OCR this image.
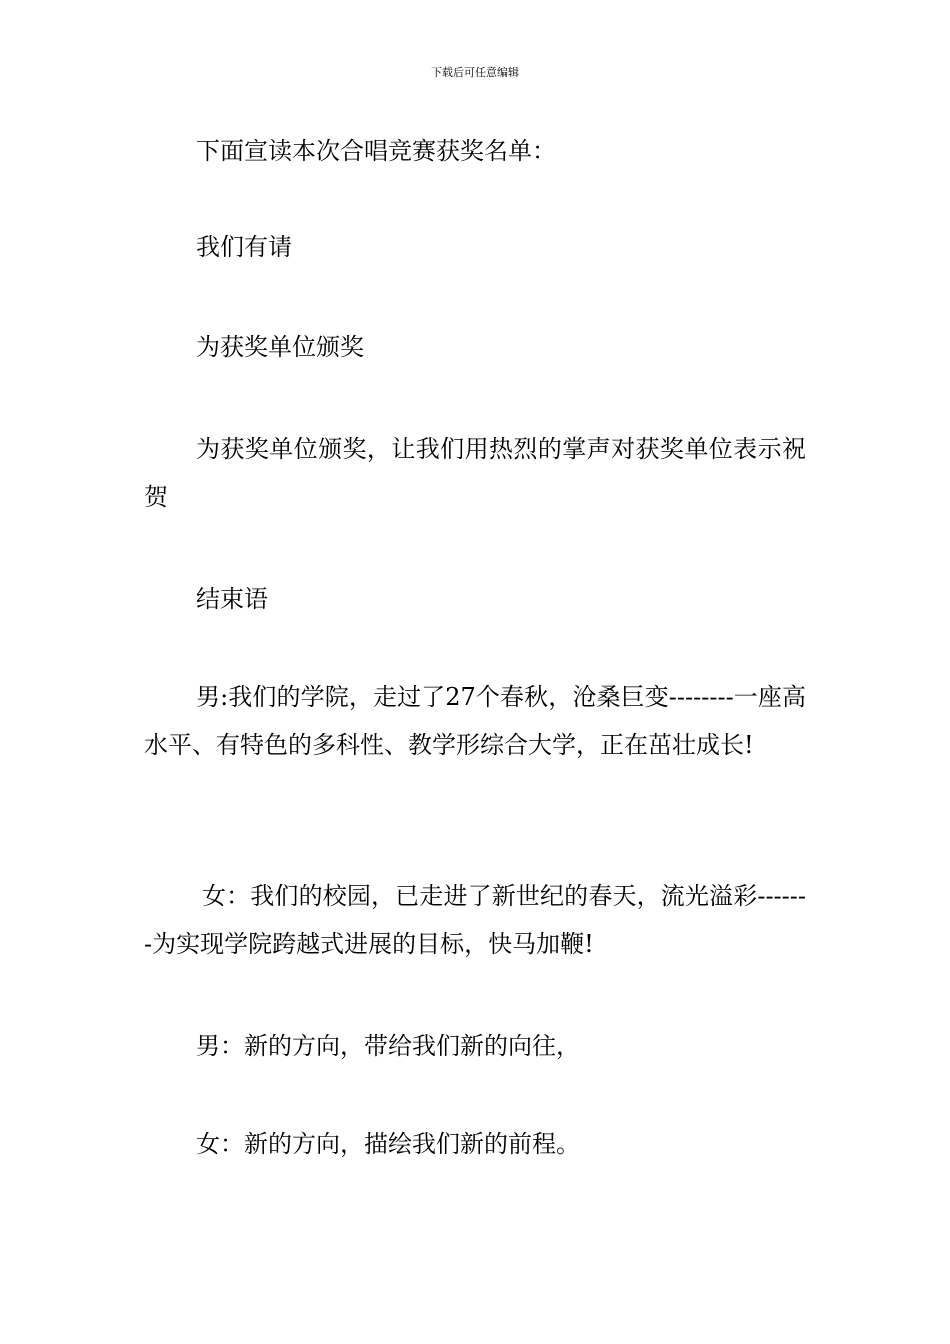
下载后可任意编辑

下面宣读本次合唱竞赛获奖名单：

我们有请

为获奖单位颁奖

为获奖单位颁奖，让我们用热烈的掌声对获奖单位表示祝贺

结束语

男:我们的学院，走过了27个春秋，沧桑巨变--------一座高水平、有特色的多科性、教学形综合大学，正在茁壮成长!

女：我们的校园，已走进了新世纪的春天，流光溢彩-------为实现学院跨越式进展的目标，快马加鞭!

男：新的方向，带给我们新的向往，

女：新的方向，描绘我们新的前程。
